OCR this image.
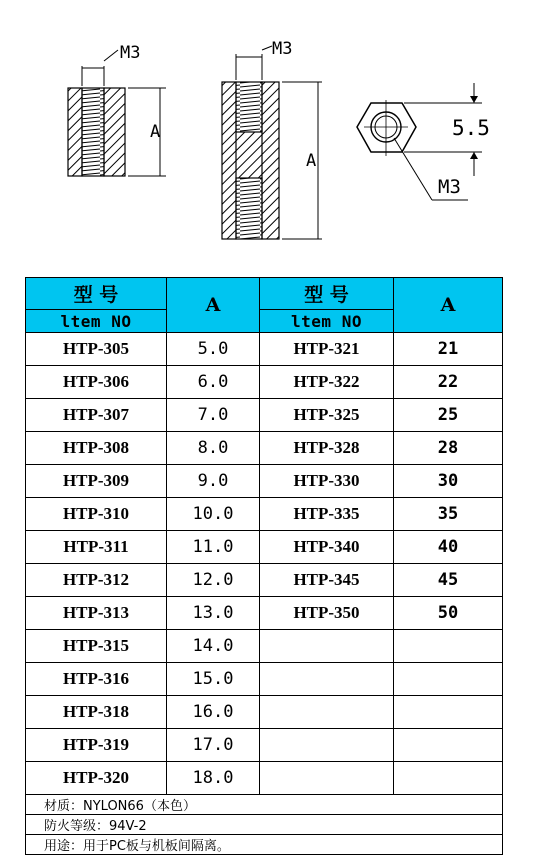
M3
A
M3
A
5.5
M3
型 号	A	型 号	A
ltem NO		ltem NO	
HTP-305	5.0	HTP-321	21
HTP-306	6.0	HTP-322	22
HTP-307	7.0	HTP-325	25
HTP-308	8.0	HTP-328	28
HTP-309	9.0	HTP-330	30
HTP-310	10.0	HTP-335	35
HTP-311	11.0	HTP-340	40
HTP-312	12.0	HTP-345	45
HTP-313	13.0	HTP-350	50
HTP-315	14.0		
HTP-316	15.0		
HTP-318	16.0		
HTP-319	17.0		
HTP-320	18.0		
材质：NYLON66（本色）			
防火等级：94V-2			
用途：用于PC板与机板间隔离。			
